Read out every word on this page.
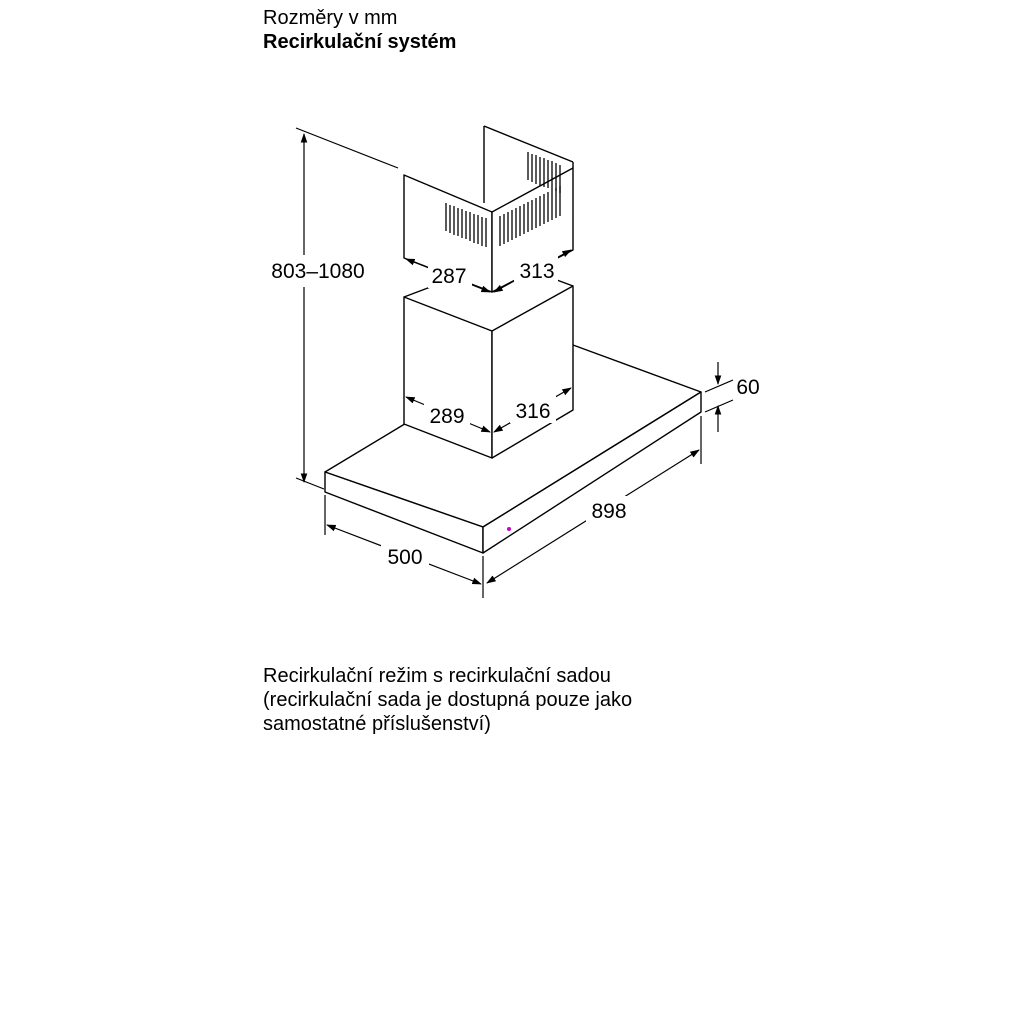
Rozměry v mm
Recirkulační systém
803–1080	287	313
289 316
60
898
500
Recirkulační režim s recirkulační sadou
(recirkulační sada je dostupná pouze jako
samostatné příslušenství)
